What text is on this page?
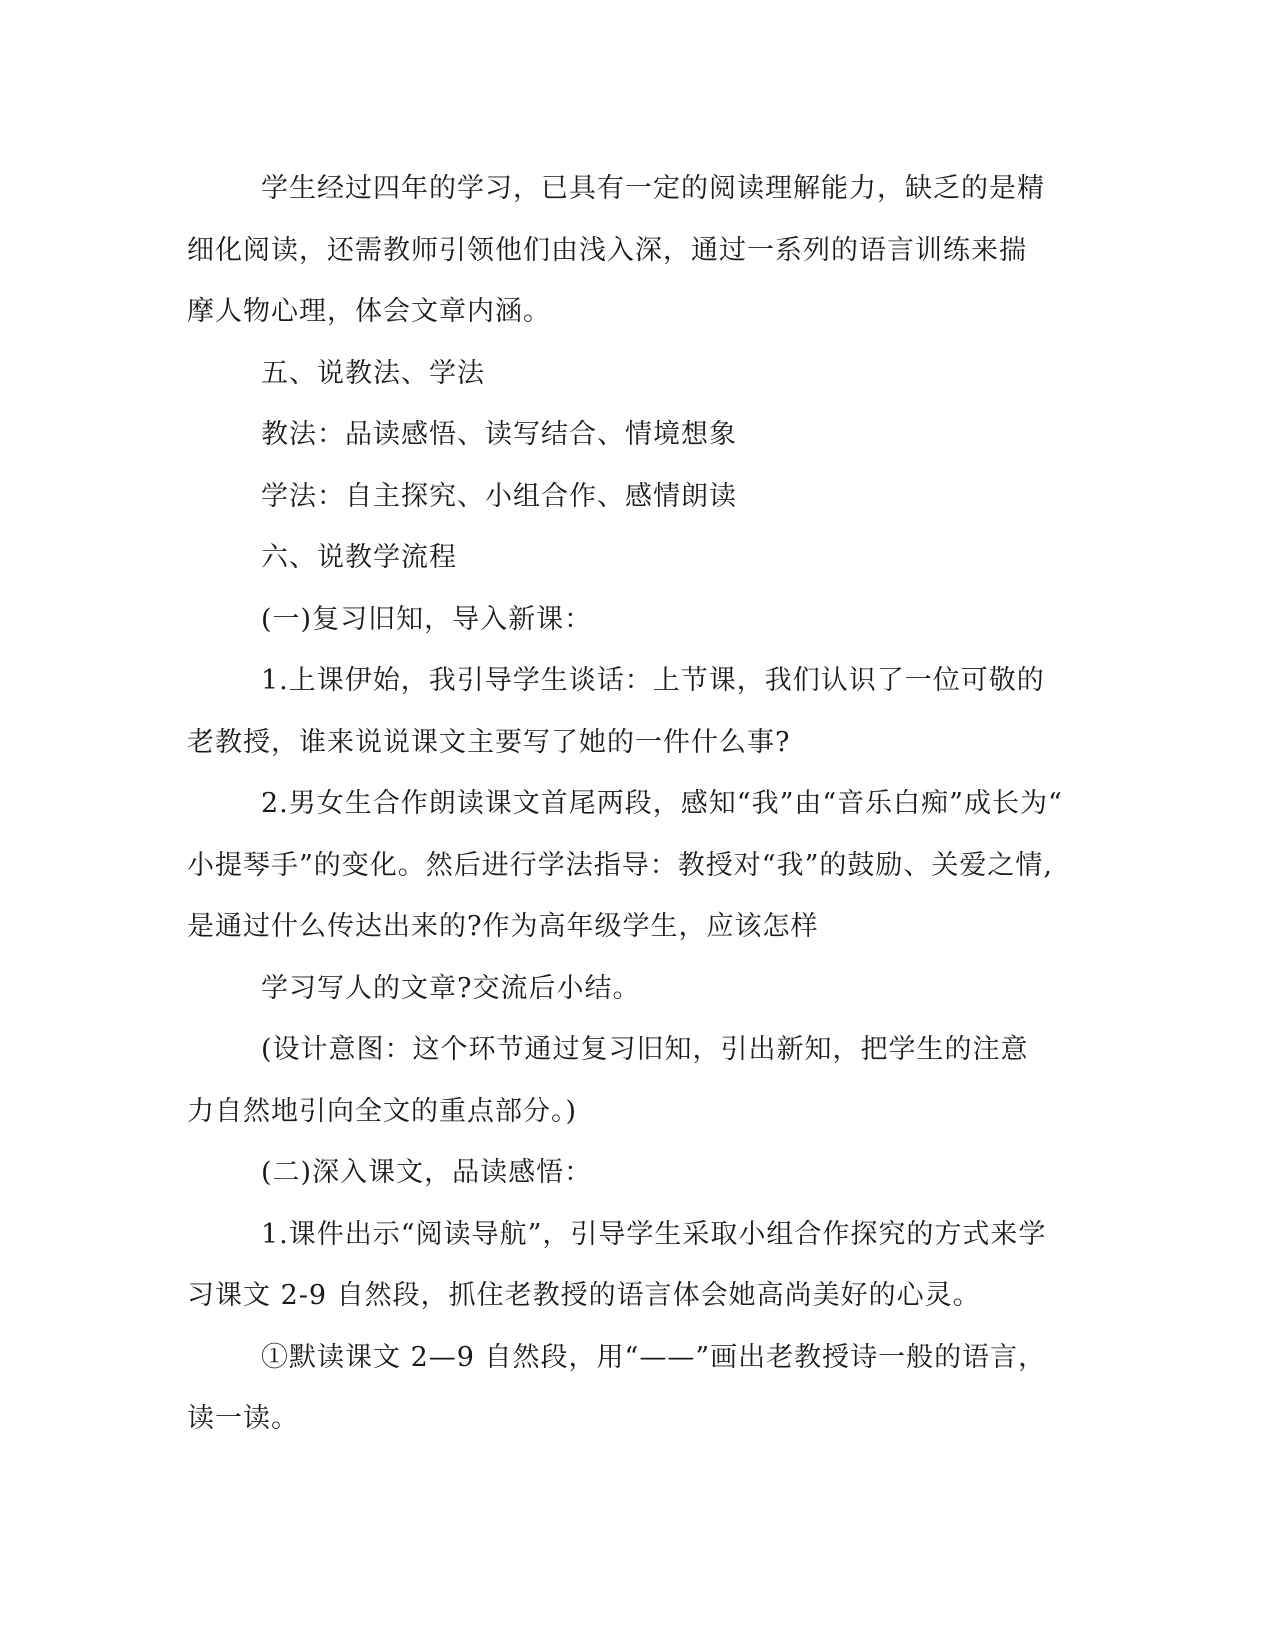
学生经过四年的学习，已具有一定的阅读理解能力，缺乏的是精
细化阅读，还需教师引领他们由浅入深，通过一系列的语言训练来揣
摩人物心理，体会文章内涵。
五、说教法、学法
教法：品读感悟、读写结合、情境想象
学法：自主探究、小组合作、感情朗读
六、说教学流程
(一)复习旧知，导入新课：
1.上课伊始，我引导学生谈话：上节课，我们认识了一位可敬的
老教授，谁来说说课文主要写了她的一件什么事?
2.男女生合作朗读课文首尾两段，感知“我”由“音乐白痴”成长为“
小提琴手”的变化。然后进行学法指导：教授对“我”的鼓励、关爱之情,
是通过什么传达出来的?作为高年级学生，应该怎样
学习写人的文章?交流后小结。
(设计意图：这个环节通过复习旧知，引出新知，把学生的注意
力自然地引向全文的重点部分。)
(二)深入课文，品读感悟：
1.课件出示“阅读导航”，引导学生采取小组合作探究的方式来学
习课文 2-9 自然段，抓住老教授的语言体会她高尚美好的心灵。
①默读课文 2—9 自然段，用“——”画出老教授诗一般的语言，
读一读。
